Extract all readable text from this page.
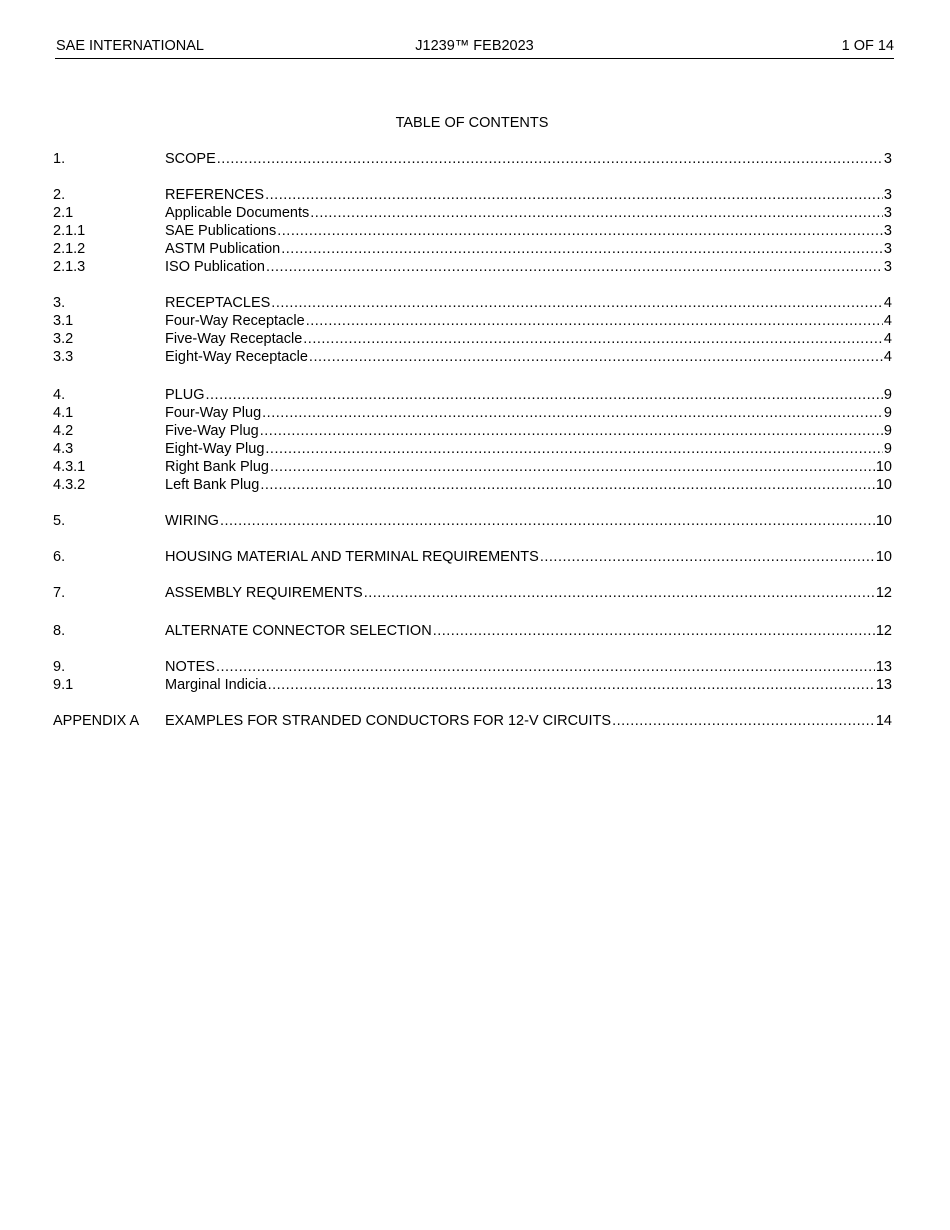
SAE INTERNATIONAL	J1239™ FEB2023	1 OF 14
TABLE OF CONTENTS
1.	SCOPE .....	3
2.	REFERENCES .....	3
2.1	Applicable Documents .....	3
2.1.1	SAE Publications .....	3
2.1.2	ASTM Publication .....	3
2.1.3	ISO Publication .....	3
3.	RECEPTACLES .....	4
3.1	Four-Way Receptacle .....	4
3.2	Five-Way Receptacle .....	4
3.3	Eight-Way Receptacle .....	4
4.	PLUG .....	9
4.1	Four-Way Plug .....	9
4.2	Five-Way Plug .....	9
4.3	Eight-Way Plug .....	9
4.3.1	Right Bank Plug .....	10
4.3.2	Left Bank Plug .....	10
5.	WIRING .....	10
6.	HOUSING MATERIAL AND TERMINAL REQUIREMENTS .....	10
7.	ASSEMBLY REQUIREMENTS .....	12
8.	ALTERNATE CONNECTOR SELECTION .....	12
9.	NOTES .....	13
9.1	Marginal Indicia .....	13
APPENDIX A	EXAMPLES FOR STRANDED CONDUCTORS FOR 12-V CIRCUITS .....	14
